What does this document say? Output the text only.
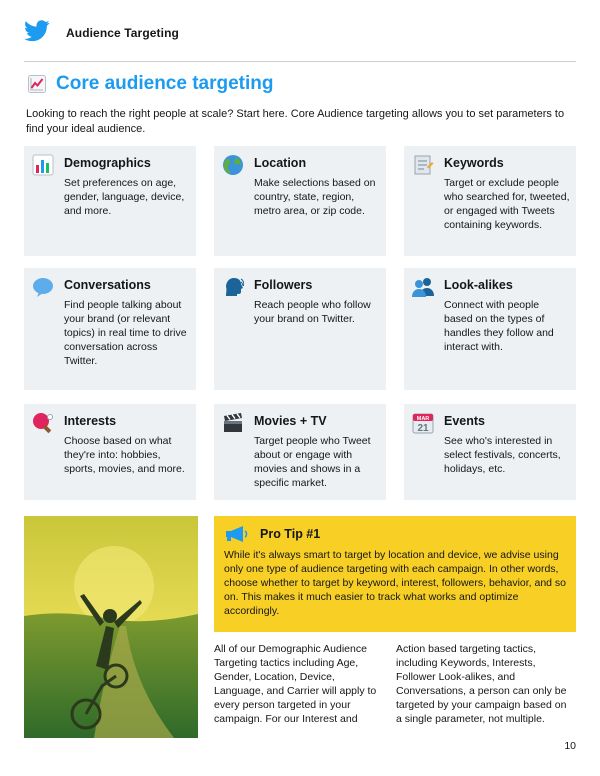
Audience Targeting
Core audience targeting

Looking to reach the right people at scale? Start here. Core Audience targeting allows you to set parameters to find your ideal audience.

Demographics
Set preferences on age, gender, language, device, and more.
Location
Make selections based on country, state, region, metro area, or zip code.
Keywords
Target or exclude people who searched for, tweeted, or engaged with Tweets containing keywords.
Conversations
Find people talking about your brand (or relevant topics) in real time to drive conversation across Twitter.
Followers
Reach people who follow your brand on Twitter.
Look-alikes
Connect with people based on the types of handles they follow and interact with.
Interests
Choose based on what they're into: hobbies, sports, movies, and more.
Movies + TV
Target people who Tweet about or engage with movies and shows in a specific market.
MAR
21
Events
See who's interested in select festivals, concerts, holidays, etc.
Pro Tip #1
While it's always smart to target by location and device, we advise using only one type of audience targeting with each campaign. In other words, choose whether to target by keyword, interest, followers, behavior, and so on. This makes it much easier to track what works and optimize accordingly.
All of our Demographic Audience Targeting tactics including Age, Gender, Location, Device, Language, and Carrier will apply to every person targeted in your campaign. For our Interest and
Action based targeting tactics, including Keywords, Interests, Follower Look-alikes, and Conversations, a person can only be targeted by your campaign based on a single parameter, not multiple.
10
